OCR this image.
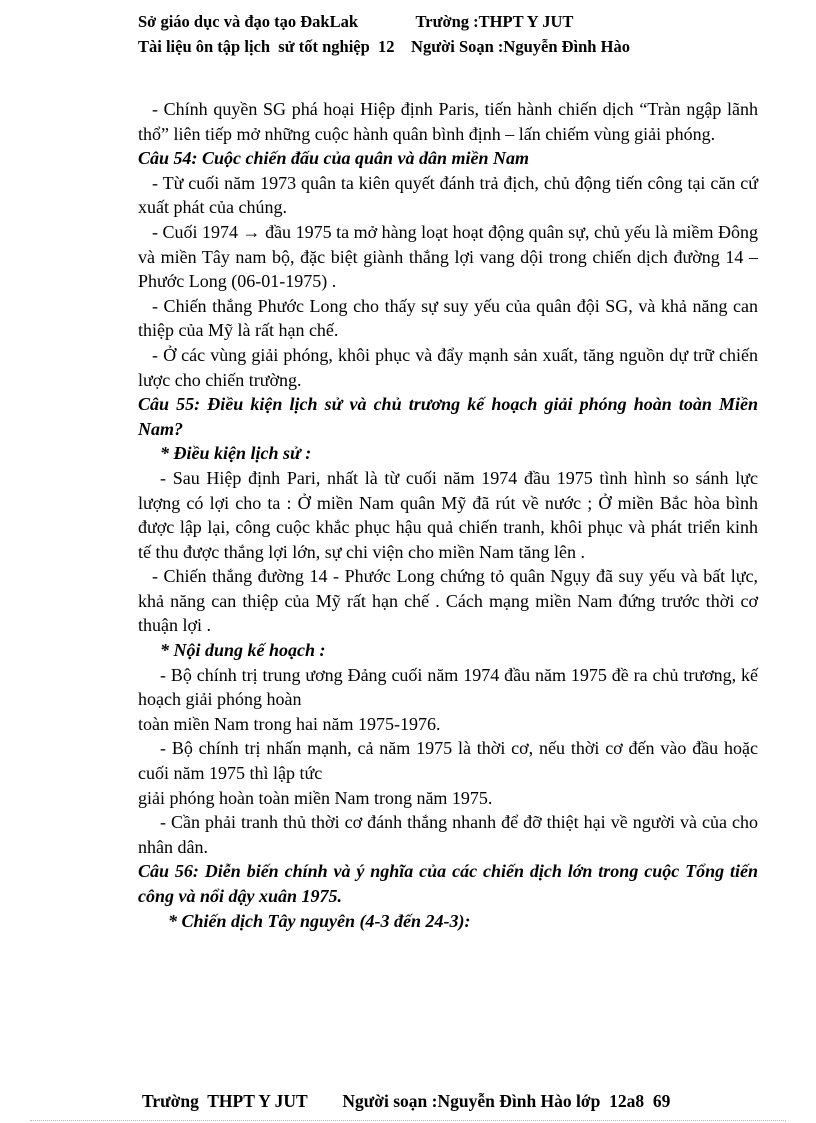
Sở giáo dục và đạo tạo ĐakLak	Trường :THPT Y JUT
Tài liệu ôn tập lịch  sử tốt nghiệp  12 Người Soạn :Nguyễn Đình Hào

- Chính quyền SG phá hoại Hiệp định Paris, tiến hành chiến dịch “Tràn ngập lãnh thổ” liên tiếp mở những cuộc hành quân bình định – lấn chiếm vùng giải phóng.

Câu 54: Cuộc chiến đấu của quân và dân miền Nam

- Từ cuối năm 1973 quân ta kiên quyết đánh trả địch, chủ động tiến công tại căn cứ xuất phát của chúng.

- Cuối 1974 → đầu 1975 ta mở hàng loạt hoạt động quân sự, chủ yếu là miềm Đông và miền Tây nam bộ, đặc biệt giành thắng lợi vang dội trong chiến dịch đường 14 – Phước Long (06-01-1975) .

- Chiến thắng Phước Long cho thấy sự suy yếu của quân đội SG, và khả năng can thiệp của Mỹ là rất hạn chế.

- Ở các vùng giải phóng, khôi phục và đẩy mạnh sản xuất, tăng nguồn dự trữ chiến lược cho chiến trường.

Câu 55: Điều kiện lịch sử và chủ trương kế hoạch giải phóng hoàn toàn Miền Nam?

* Điều kiện lịch sử :

- Sau Hiệp định Pari, nhất là từ cuối năm 1974 đầu 1975 tình hình so sánh lực lượng có lợi cho ta : Ở miền Nam quân Mỹ đã rút về nước ; Ở miền Bắc hòa bình được lập lại, công cuộc khắc phục hậu quả chiến tranh, khôi phục và phát triển kinh tế thu được thắng lợi lớn, sự chi viện cho miền Nam tăng lên .

- Chiến thắng đường 14 - Phước Long chứng tỏ quân Ngụy đã suy yếu và bất lực, khả năng can thiệp của Mỹ rất hạn chế . Cách mạng miền Nam đứng trước thời cơ thuận lợi .

* Nội dung kế hoạch :

- Bộ chính trị trung ương Đảng cuối năm 1974 đầu năm 1975 đề ra chủ trương, kế hoạch giải phóng hoàn

toàn miền Nam trong hai năm 1975-1976.

- Bộ chính trị nhấn mạnh, cả năm 1975 là thời cơ, nếu thời cơ đến vào đầu hoặc cuối năm 1975 thì lập tức

giải phóng hoàn toàn miền Nam trong năm 1975.

- Cần phải tranh thủ thời cơ đánh thắng nhanh để đỡ thiệt hại về người và của cho nhân dân.

Câu 56: Diễn biến chính và ý nghĩa của các chiến dịch lớn trong cuộc Tổng tiến công và nổi dậy xuân 1975.

* Chiến dịch Tây nguyên (4-3 đến 24-3):

Trường  THPT Y JUT        Người soạn :Nguyễn Đình Hào lớp  12a8  69
